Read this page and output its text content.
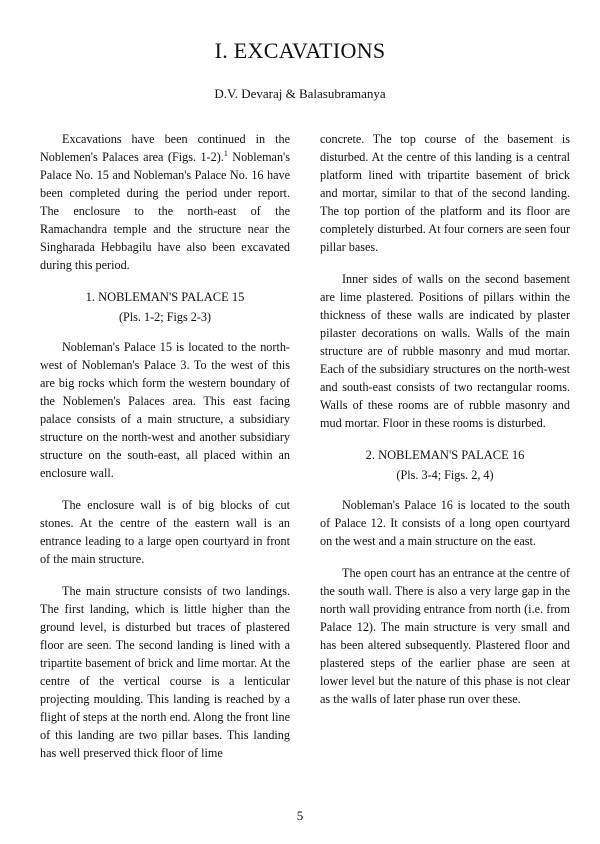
I. EXCAVATIONS
D.V. Devaraj & Balasubramanya

Excavations have been continued in the Noblemen's Palaces area (Figs. 1-2).$^1$ Nobleman's Palace No. 15 and Nobleman's Palace No. 16 have been completed during the period under report. The enclosure to the north-east of the Ramachandra temple and the structure near the Singharada Hebbagilu have also been excavated during this period.

1. NOBLEMAN'S PALACE 15
(Pls. 1-2; Figs 2-3)

Nobleman's Palace 15 is located to the north-west of Nobleman's Palace 3. To the west of this are big rocks which form the western boundary of the Noblemen's Palaces area. This east facing palace consists of a main structure, a subsidiary structure on the north-west and another subsidiary structure on the south-east, all placed within an enclosure wall.

The enclosure wall is of big blocks of cut stones. At the centre of the eastern wall is an entrance leading to a large open courtyard in front of the main structure.

The main structure consists of two landings. The first landing, which is little higher than the ground level, is disturbed but traces of plastered floor are seen. The second landing is lined with a tripartite basement of brick and lime mortar. At the centre of the vertical course is a lenticular projecting moulding. This landing is reached by a flight of steps at the north end. Along the front line of this landing are two pillar bases. This landing has well preserved thick floor of lime

concrete. The top course of the basement is disturbed. At the centre of this landing is a central platform lined with tripartite basement of brick and mortar, similar to that of the second landing. The top portion of the platform and its floor are completely disturbed. At four corners are seen four pillar bases.

Inner sides of walls on the second basement are lime plastered. Positions of pillars within the thickness of these walls are indicated by plaster pilaster decorations on walls. Walls of the main structure are of rubble masonry and mud mortar. Each of the subsidiary structures on the north-west and south-east consists of two rectangular rooms. Walls of these rooms are of rubble masonry and mud mortar. Floor in these rooms is disturbed.

2. NOBLEMAN'S PALACE 16
(Pls. 3-4; Figs. 2, 4)

Nobleman's Palace 16 is located to the south of Palace 12. It consists of a long open courtyard on the west and a main structure on the east.

The open court has an entrance at the centre of the south wall. There is also a very large gap in the north wall providing entrance from north (i.e. from Palace 12). The main structure is very small and has been altered subsequently. Plastered floor and plastered steps of the earlier phase are seen at lower level but the nature of this phase is not clear as the walls of later phase run over these.

5
